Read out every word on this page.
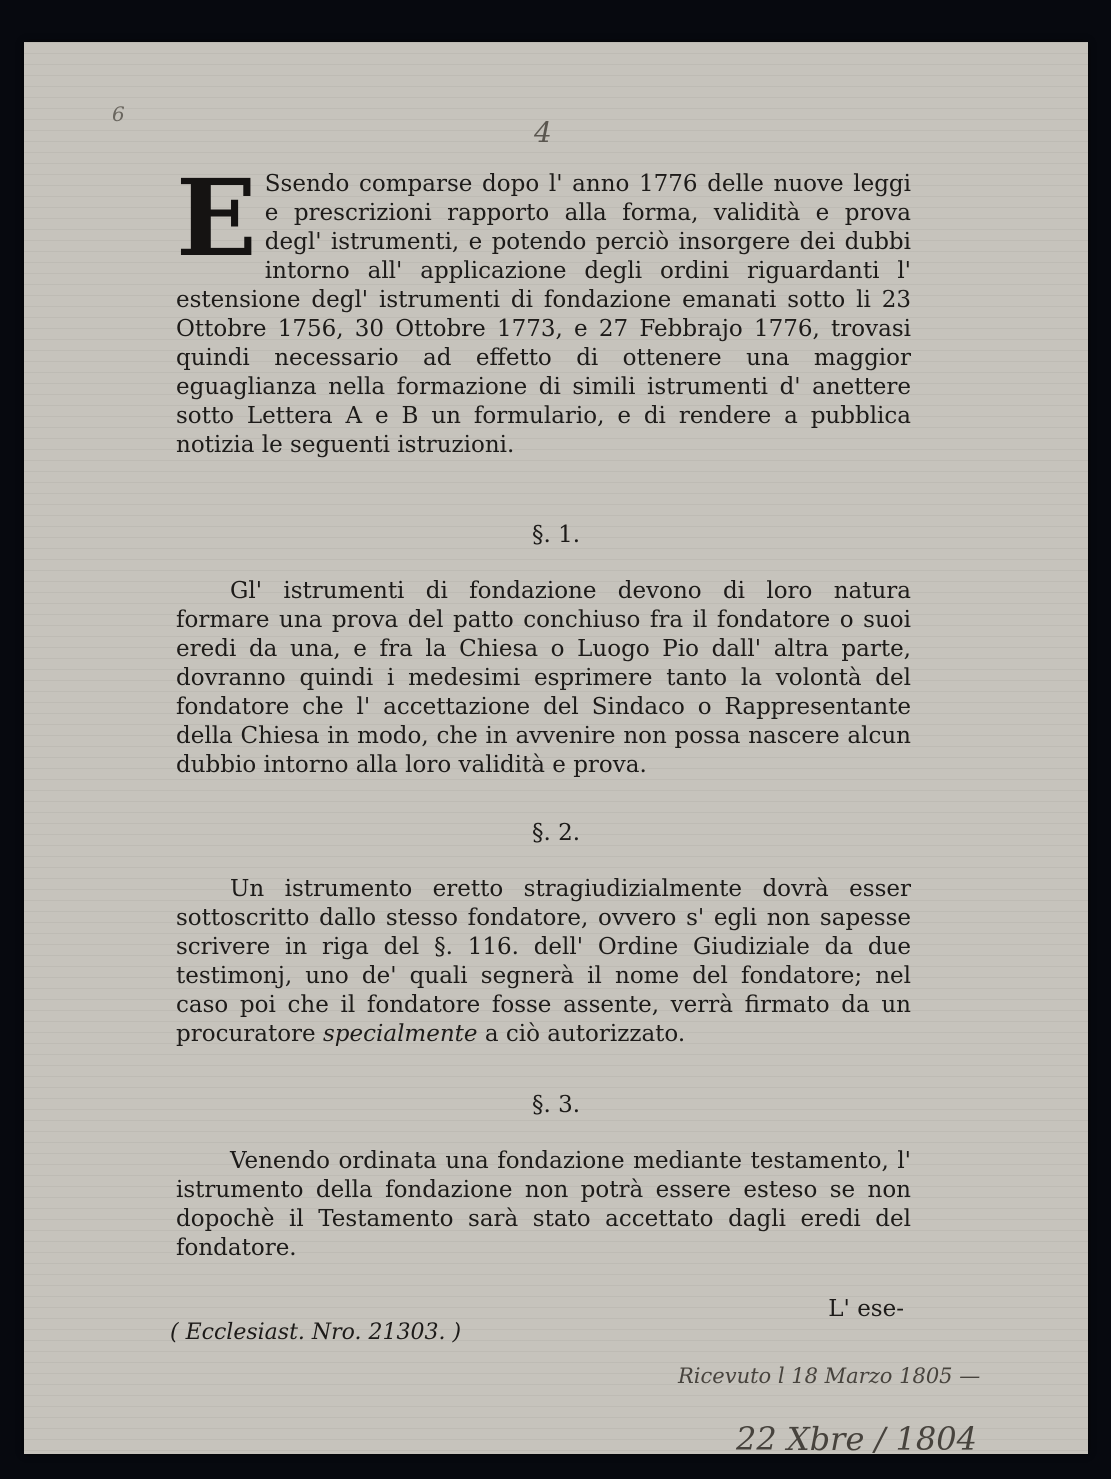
6
4
E Ssendo comparse dopo l' anno 1776 delle nuove leggi e prescrizioni rapporto alla forma, validità e prova degl' istrumenti, e potendo perciò insorgere dei dubbi intorno all' applicazione degli ordini riguardanti l' estensione degl' istrumenti di fondazione emanati sotto li 23 Ottobre 1756, 30 Ottobre 1773, e 27 Febbrajo 1776, trovasi quindi necessario ad effetto di ottenere una maggior eguaglianza nella formazione di simili istrumenti d' anettere sotto Lettera A e B un formulario, e di rendere a pubblica notizia le seguenti istruzioni.
§. 1.
Gl' istrumenti di fondazione devono di loro natura formare una prova del patto conchiuso fra il fondatore o suoi eredi da una, e fra la Chiesa o Luogo Pio dall' altra parte, dovranno quindi i medesimi esprimere tanto la volontà del fondatore che l' accettazione del Sindaco o Rappresentante della Chiesa in modo, che in avvenire non possa nascere alcun dubbio intorno alla loro validità e prova.
§. 2.
Un istrumento eretto stragiudizialmente dovrà esser sottoscritto dallo stesso fondatore, ovvero s' egli non sapesse scrivere in riga del §. 116. dell' Ordine Giudiziale da due testimonj, uno de' quali segnerà il nome del fondatore; nel caso poi che il fondatore fosse assente, verrà firmato da un procuratore specialmente a ciò autorizzato.
§. 3.
Venendo ordinata una fondazione mediante testamento, l' istrumento della fondazione non potrà essere esteso se non dopochè il Testamento sarà stato accettato dagli eredi del fondatore.
L' ese-
( Ecclesiast. Nro. 21303. )
Ricevuto l 18 Marzo 1805 —
22 Xbre / 1804
